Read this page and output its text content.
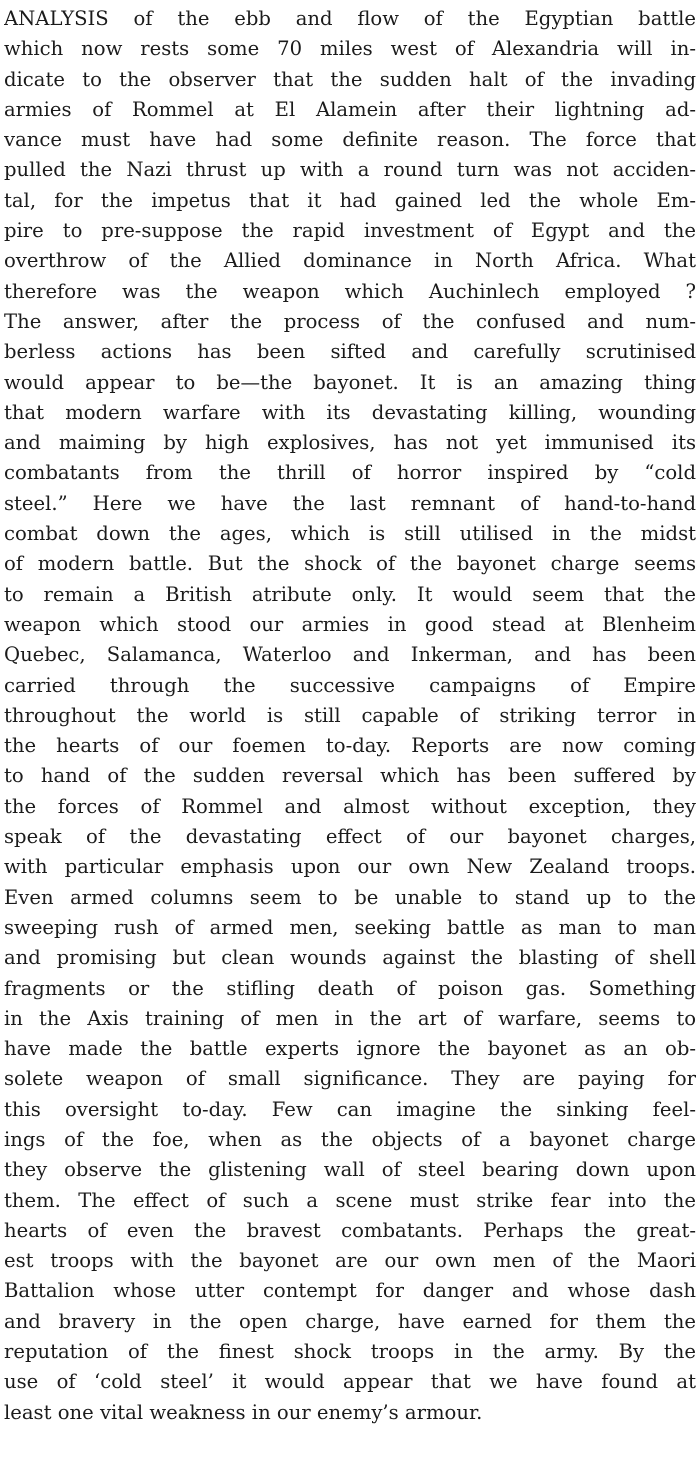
ANALYSIS of the ebb and flow of the Egyptian battle
which now rests some 70 miles west of Alexandria will in-
dicate to the observer that the sudden halt of the invading
armies of Rommel at El Alamein after their lightning ad-
vance must have had some definite reason. The force that
pulled the Nazi thrust up with a round turn was not acciden-
tal, for the impetus that it had gained led the whole Em-
pire to pre-suppose the rapid investment of Egypt and the
overthrow of the Allied dominance in North Africa. What
therefore was the weapon which Auchinlech employed ?
The answer, after the process of the confused and num-
berless actions has been sifted and carefully scrutinised
would appear to be—the bayonet. It is an amazing thing
that modern warfare with its devastating killing, wounding
and maiming by high explosives, has not yet immunised its
combatants from the thrill of horror inspired by “cold
steel.” Here we have the last remnant of hand-to-hand
combat down the ages, which is still utilised in the midst
of modern battle. But the shock of the bayonet charge seems
to remain a British atribute only. It would seem that the
weapon which stood our armies in good stead at Blenheim
Quebec, Salamanca, Waterloo and Inkerman, and has been
carried through the successive campaigns of Empire
throughout the world is still capable of striking terror in
the hearts of our foemen to-day. Reports are now coming
to hand of the sudden reversal which has been suffered by
the forces of Rommel and almost without exception, they
speak of the devastating effect of our bayonet charges,
with particular emphasis upon our own New Zealand troops.
Even armed columns seem to be unable to stand up to the
sweeping rush of armed men, seeking battle as man to man
and promising but clean wounds against the blasting of shell
fragments or the stifling death of poison gas. Something
in the Axis training of men in the art of warfare, seems to
have made the battle experts ignore the bayonet as an ob-
solete weapon of small significance. They are paying for
this oversight to-day. Few can imagine the sinking feel-
ings of the foe, when as the objects of a bayonet charge
they observe the glistening wall of steel bearing down upon
them. The effect of such a scene must strike fear into the
hearts of even the bravest combatants. Perhaps the great-
est troops with the bayonet are our own men of the Maori
Battalion whose utter contempt for danger and whose dash
and bravery in the open charge, have earned for them the
reputation of the finest shock troops in the army. By the
use of ‘cold steel’ it would appear that we have found at
least one vital weakness in our enemy’s armour.
